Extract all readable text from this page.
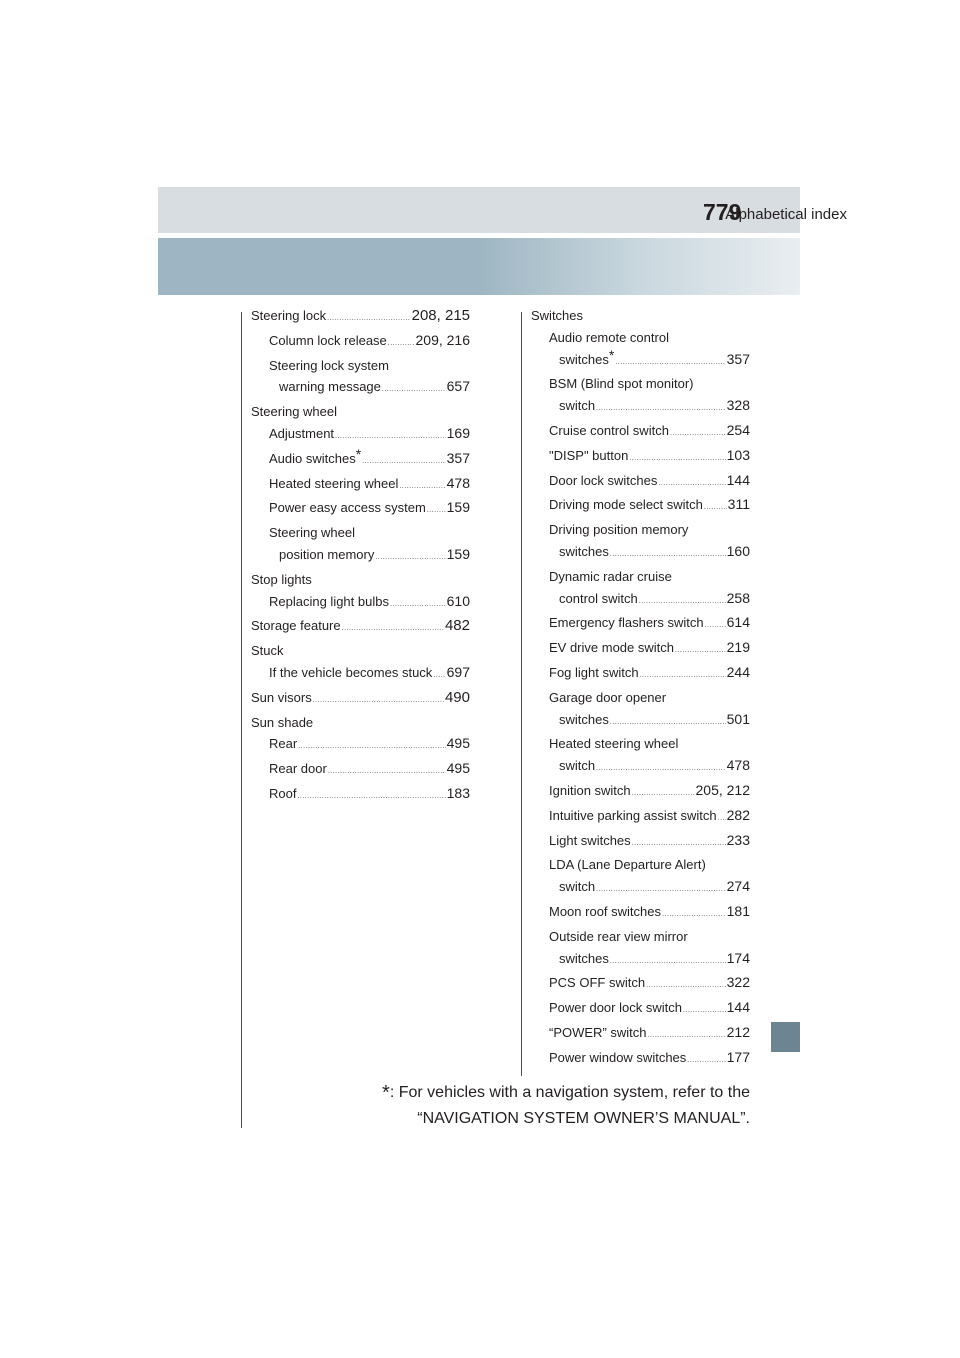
Alphabetical index
779
Steering lock .....	208, 215
Column lock release ..... 209, 216
Steering lock system
warning message .....	657
Steering wheel
Adjustment .....	169
Audio switches* .....	357
Heated steering wheel .....	478
Power easy access system ..... 159
Steering wheel
position memory .....	159
Stop lights
Replacing light bulbs .....	610
Storage feature .....	482
Stuck
If the vehicle becomes stuck ..... 697
Sun visors .....	490
Sun shade
Rear .....	495
Rear door .....	495
Roof .....	183
Switches
Audio remote control
switches* .....	357
BSM (Blind spot monitor)
switch .....	328
Cruise control switch .....	254
"DISP" button .....	103
Door lock switches .....	144
Driving mode select switch ..... 311
Driving position memory
switches .....	160
Dynamic radar cruise
control switch .....	258
Emergency flashers switch ..... 614
EV drive mode switch .....	219
Fog light switch .....	244
Garage door opener
switches .....	501
Heated steering wheel
switch .....	478
Ignition switch .....	205, 212
Intuitive parking assist switch ..... 282
Light switches .....	233
LDA (Lane Departure Alert)
switch .....	274
Moon roof switches .....	181
Outside rear view mirror
switches .....	174
PCS OFF switch .....	322
Power door lock switch .....	144
“POWER” switch .....	212
Power window switches .....	177
*: For vehicles with a navigation system, refer to the
“NAVIGATION SYSTEM OWNER’S MANUAL”.
